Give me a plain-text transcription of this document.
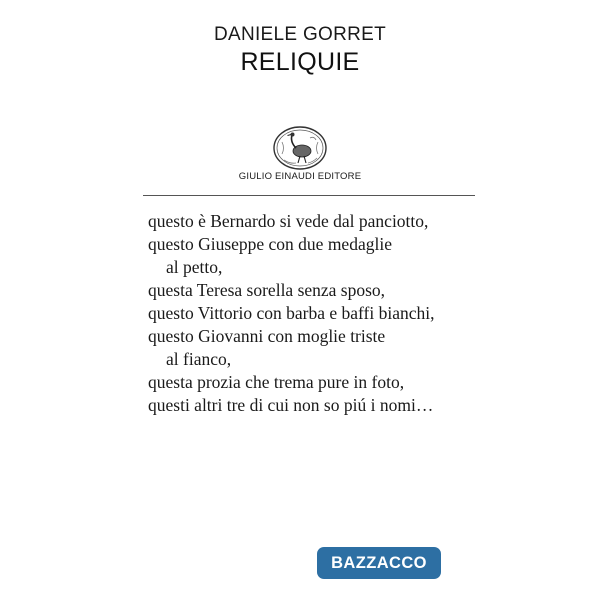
DANIELE GORRET
RELIQUIE
GIULIO EINAUDI EDITORE
questo è Bernardo si vede dal panciotto,
questo Giuseppe con due medaglie
al petto,
questa Teresa sorella senza sposo,
questo Vittorio con barba e baffi bianchi,
questo Giovanni con moglie triste
al fianco,
questa prozia che trema pure in foto,
questi altri tre di cui non so piú i nomi…
BAZZACCO
